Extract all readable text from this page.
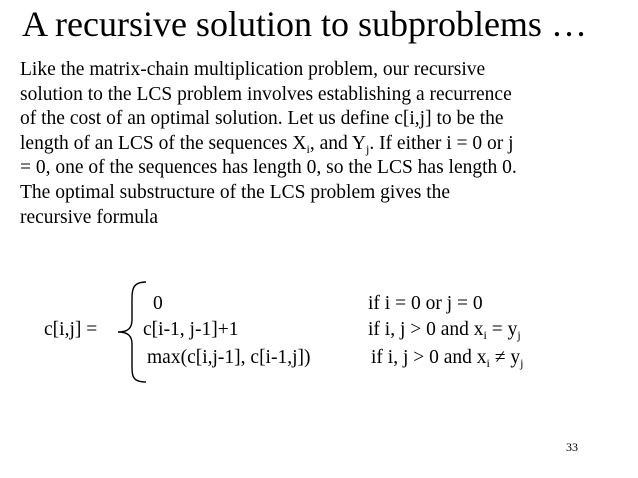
A recursive solution to subproblems …
Like the matrix-chain multiplication problem, our recursive
solution to the LCS problem involves establishing a recurrence
of the cost of an optimal solution. Let us define c[i,j] to be the
length of an LCS of the sequences $X_i$, and $Y_j$. If either i = 0 or j
= 0, one of the sequences has length 0, so the LCS has length 0.
The optimal substructure of the LCS problem gives the
recursive formula
c[i,j] =
0	if i = 0 or j = 0
c[i-1, j-1]+1	if i, j > 0 and $x_i = y_j$
max(c[i,j-1], c[i-1,j])	if i, j > 0 and $x_i \ne y_j$
33
